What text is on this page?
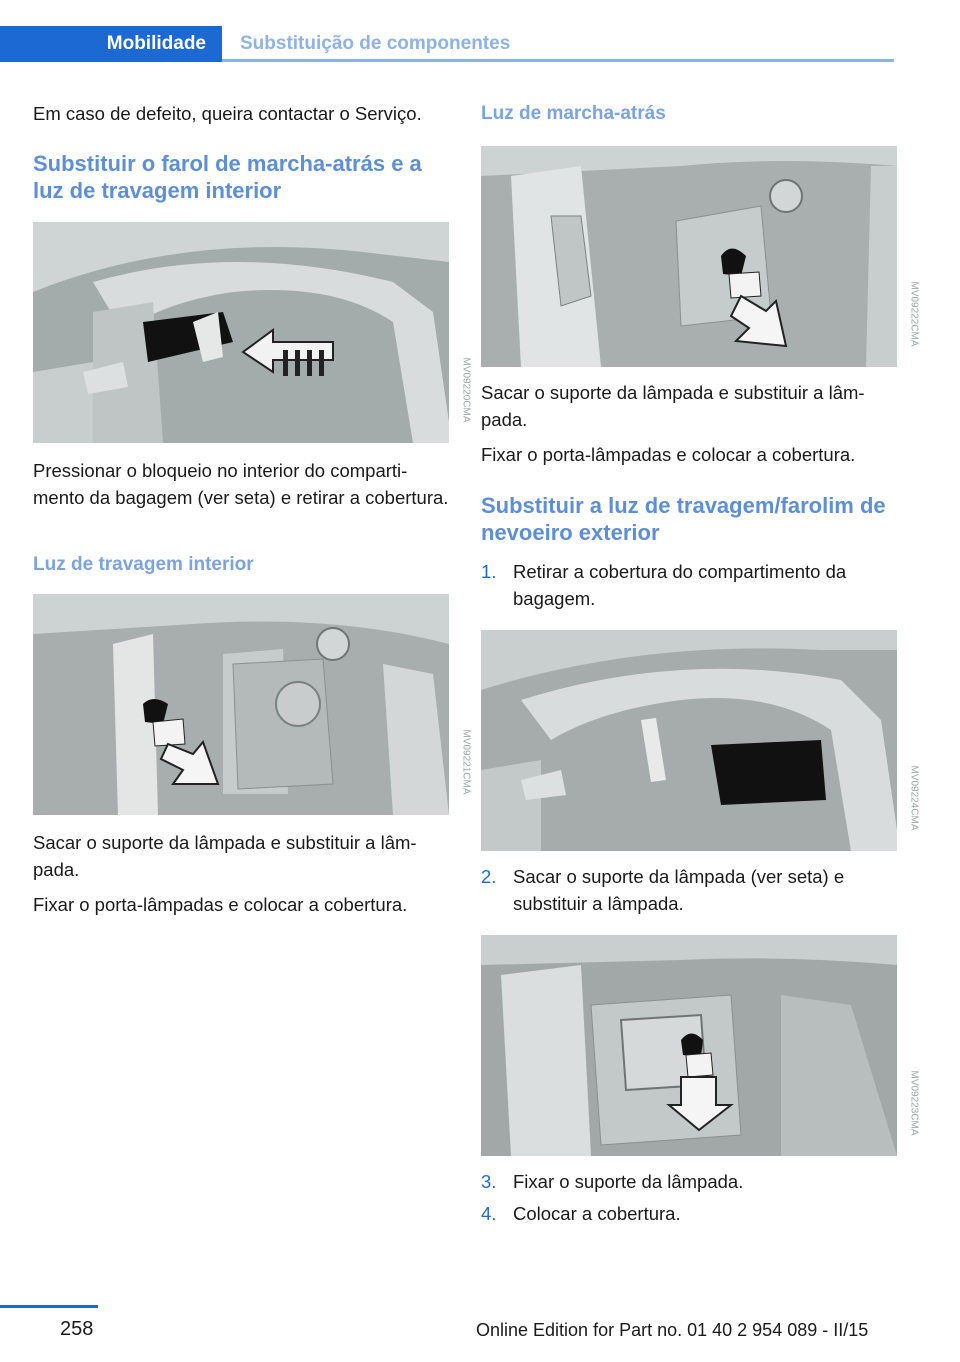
Mobilidade	Substituição de componentes

Em caso de defeito, queira contactar o Serviço.

Substituir o farol de marcha-atrás e a luz de travagem interior
MV09220CMA

Pressionar o bloqueio no interior do compartimento da bagagem (ver seta) e retirar a cobertura.

Luz de travagem interior
MV09221CMA

Sacar o suporte da lâmpada e substituir a lâmpada.

Fixar o porta-lâmpadas e colocar a cobertura.

Luz de marcha-atrás
MV09222CMA

Sacar o suporte da lâmpada e substituir a lâmpada.

Fixar o porta-lâmpadas e colocar a cobertura.

Substituir a luz de travagem/farolim de nevoeiro exterior
1. Retirar a cobertura do compartimento da bagagem.
MV09224CMA
2. Sacar o suporte da lâmpada (ver seta) e substituir a lâmpada.
MV09223CMA
3. Fixar o suporte da lâmpada.
4. Colocar a cobertura.
258	Online Edition for Part no. 01 40 2 954 089 - II/15
